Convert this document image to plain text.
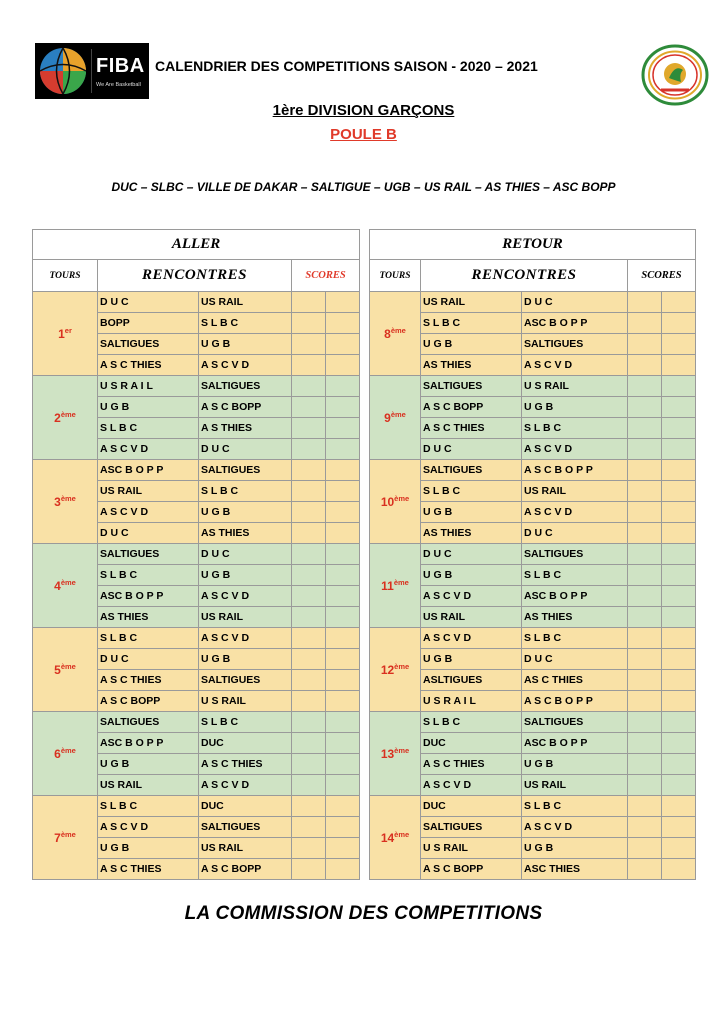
FIBA
We Are Basketball
CALENDRIER DES COMPETITIONS SAISON - 2020 – 2021
1ère DIVISION GARÇONS
POULE B
DUC – SLBC – VILLE DE DAKAR – SALTIGUE – UGB – US RAIL – AS THIES – ASC BOPP
ALLER				
TOURS	RENCONTRES		SCORES	
1er	D U C	US RAIL		
	BOPP	S L B C		
	SALTIGUES	U G B		
	A S C THIES	A S C V D		
2ème	U S R A I L	SALTIGUES		
	U G B	A S C BOPP		
	S L B C	A S THIES		
	A S C V D	D U C		
3ème	ASC B O P P	SALTIGUES		
	US RAIL	S L B C		
	A S C V D	U G B		
	D U C	AS THIES		
4ème	SALTIGUES	D U C		
	S L B C	U G B		
	ASC B O P P	A S C V D		
	AS THIES	US RAIL		
5ème	S L B C	A S C V D		
	D U C	U G B		
	A S C THIES	SALTIGUES		
	A S C BOPP	U S RAIL		
6ème	SALTIGUES	S L B C		
	ASC B O P P	DUC		
	U G B	A S C THIES		
	US RAIL	A S C V D		
7ème	S L B C	DUC		
	A S C V D	SALTIGUES		
	U G B	US RAIL		
	A S C THIES	A S C BOPP		
RETOUR				
TOURS	RENCONTRES		SCORES	
8ème	US RAIL	D U C		
	S L B C	ASC B O P P		
	U G B	SALTIGUES		
	AS THIES	A S C V D		
9ème	SALTIGUES	U S RAIL		
	A S C BOPP	U G B		
	A S C THIES	S L B C		
	D U C	A S C V D		
10ème	SALTIGUES	A S C B O P P		
	S L B C	US RAIL		
	U G B	A S C V D		
	AS THIES	D U C		
11ème	D U C	SALTIGUES		
	U G B	S L B C		
	A S C V D	ASC B O P P		
	US RAIL	AS THIES		
12ème	A S C V D	S L B C		
	U G B	D U C		
	ASLTIGUES	AS C THIES		
	U S R A I L	A S C B O P P		
13ème	S L B C	SALTIGUES		
	DUC	ASC B O P P		
	A S C THIES	U G B		
	A S C V D	US RAIL		
14ème	DUC	S L B C		
	SALTIGUES	A S C V D		
	U S RAIL	U G B		
	A S C BOPP	ASC THIES		
LA COMMISSION DES COMPETITIONS
